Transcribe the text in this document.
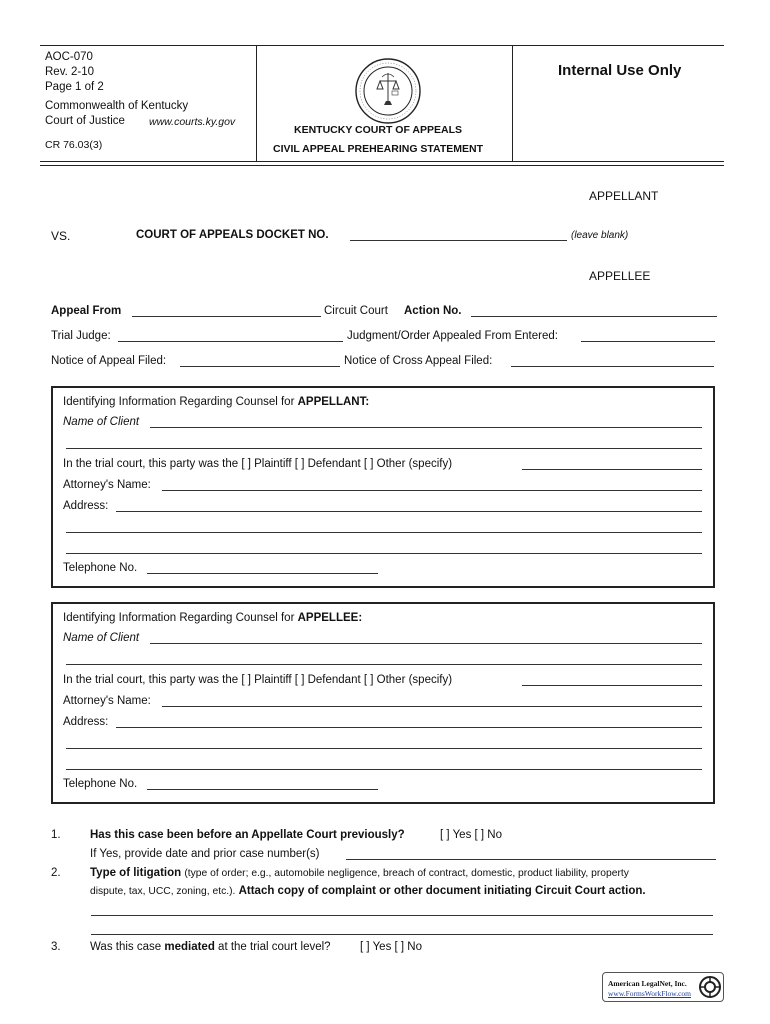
AOC-070
Rev. 2-10
Page 1 of 2
Commonwealth of Kentucky
Court of Justice www.courts.ky.gov
CR 76.03(3)
KENTUCKY COURT OF APPEALS
CIVIL APPEAL PREHEARING STATEMENT
Internal Use Only
APPELLANT
VS.	COURT OF APPEALS DOCKET NO.	(leave blank)
APPELLEE
Appeal From	Circuit Court Action No.
Trial Judge:	Judgment/Order Appealed From Entered:
Notice of Appeal Filed:	Notice of Cross Appeal Filed:
Identifying Information Regarding Counsel for APPELLANT:
Name of Client
In the trial court, this party was the [ ] Plaintiff [ ] Defendant [ ] Other (specify)
Attorney's Name:
Address:
Telephone No.
Identifying Information Regarding Counsel for APPELLEE:
Name of Client
In the trial court, this party was the [ ] Plaintiff [ ] Defendant [ ] Other (specify)
Attorney's Name:
Address:
Telephone No.
1.	Has this case been before an Appellate Court previously?	[ ] Yes [ ] No
If Yes, provide date and prior case number(s)
2.	Type of litigation (type of order; e.g., automobile negligence, breach of contract, domestic, product liability, property
dispute, tax, UCC, zoning, etc.). Attach copy of complaint or other document initiating Circuit Court action.
3.	Was this case mediated at the trial court level?	[ ] Yes [ ] No
American LegalNet, Inc.
www.FormsWorkFlow.com
